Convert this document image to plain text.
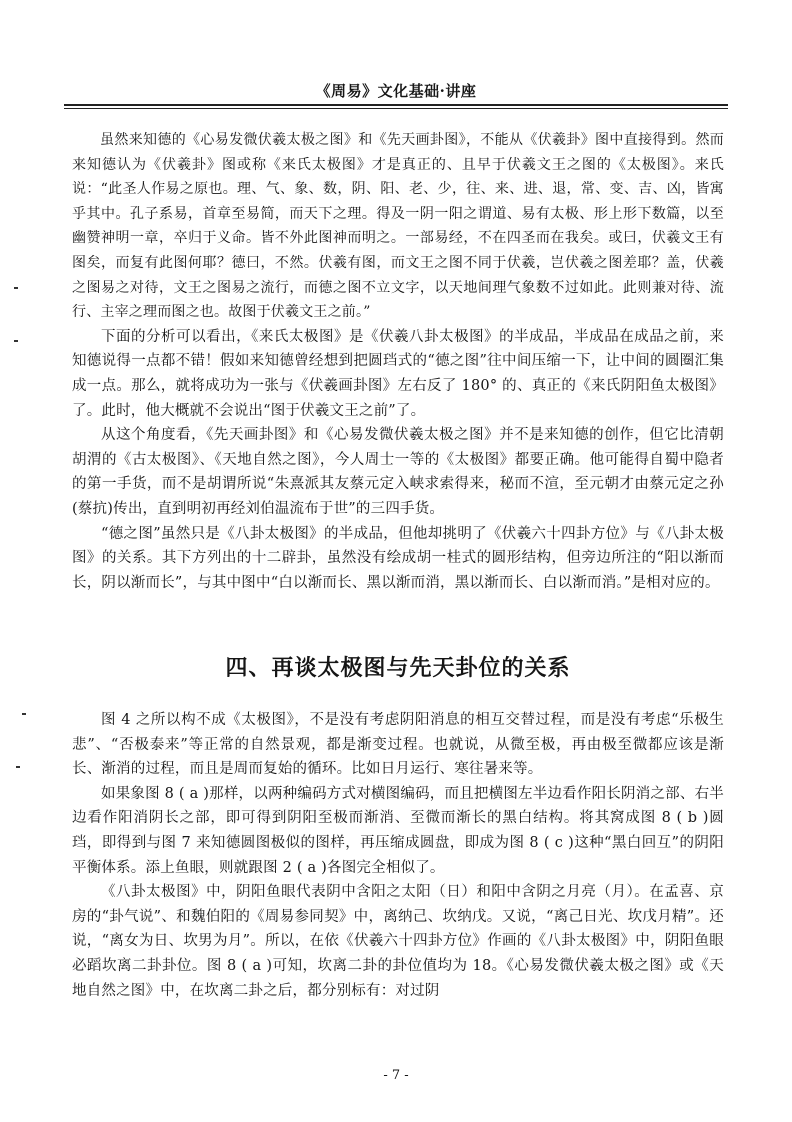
《周易》文化基础·讲座

虽然来知德的《心易发微伏羲太极之图》和《先天画卦图》，不能从《伏羲卦》图中直接得到。然而来知德认为《伏羲卦》图或称《来氏太极图》才是真正的、且早于伏羲文王之图的《太极图》。来氏说：“此圣人作易之原也。理、气、象、数，阴、阳、老、少，往、来、进、退，常、变、吉、凶，皆寓乎其中。孔子系易，首章至易简，而天下之理。得及一阴一阳之谓道、易有太极、形上形下数篇，以至幽赞神明一章，卒归于义命。皆不外此图神而明之。一部易经，不在四圣而在我矣。或曰，伏羲文王有图矣，而复有此图何耶？德曰，不然。伏羲有图，而文王之图不同于伏羲，岂伏羲之图差耶？盖，伏羲之图易之对待，文王之图易之流行，而德之图不立文字，以天地间理气象数不过如此。此则兼对待、流行、主宰之理而图之也。故图于伏羲文王之前。”

下面的分析可以看出，《来氏太极图》是《伏羲八卦太极图》的半成品，半成品在成品之前，来知德说得一点都不错！假如来知德曾经想到把圆珰式的“德之图”往中间压缩一下，让中间的圆圈汇集成一点。那么，就将成功为一张与《伏羲画卦图》左右反了 180° 的、真正的《来氏阴阳鱼太极图》了。此时，他大概就不会说出“图于伏羲文王之前”了。

从这个角度看，《先天画卦图》和《心易发微伏羲太极之图》并不是来知德的创作，但它比清朝胡渭的《古太极图》、《天地自然之图》，今人周士一等的《太极图》都要正确。他可能得自蜀中隐者的第一手货，而不是胡谓所说“朱熹派其友蔡元定入峡求索得来，秘而不渲，至元朝才由蔡元定之孙(蔡抗)传出，直到明初再经刘伯温流布于世”的三四手货。

“德之图”虽然只是《八卦太极图》的半成品，但他却挑明了《伏羲六十四卦方位》与《八卦太极图》的关系。其下方列出的十二辟卦，虽然没有绘成胡一桂式的圆形结构，但旁边所注的“阳以渐而长，阴以渐而长”，与其中图中“白以渐而长、黑以渐而消，黑以渐而长、白以渐而消。”是相对应的。

四、再谈太极图与先天卦位的关系

图 4 之所以构不成《太极图》，不是没有考虑阴阳消息的相互交替过程，而是没有考虑“乐极生悲”、“否极泰来”等正常的自然景观，都是渐变过程。也就说，从微至极，再由极至微都应该是渐长、渐消的过程，而且是周而复始的循环。比如日月运行、寒往暑来等。

如果象图 8 ( a )那样，以两种编码方式对横图编码，而且把横图左半边看作阳长阴消之部、右半边看作阳消阴长之部，即可得到阴阳至极而渐消、至微而渐长的黑白结构。将其窝成图 8 ( b )圆珰，即得到与图 7 来知德圆图极似的图样，再压缩成圆盘，即成为图 8 ( c )这种“黑白回互”的阴阳平衡体系。添上鱼眼，则就跟图 2 ( a )各图完全相似了。

《八卦太极图》中，阴阳鱼眼代表阴中含阳之太阳（日）和阳中含阴之月亮（月）。在孟喜、京房的“卦气说”、和魏伯阳的《周易参同契》中，离纳己、坎纳戊。又说，“离己日光、坎戊月精”。还说，“离女为日、坎男为月”。所以，在依《伏羲六十四卦方位》作画的《八卦太极图》中，阴阳鱼眼必蹈坎离二卦卦位。图 8 ( a )可知，坎离二卦的卦位值均为 18。《心易发微伏羲太极之图》或《天地自然之图》中，在坎离二卦之后，都分别标有：对过阴

- 7 -
